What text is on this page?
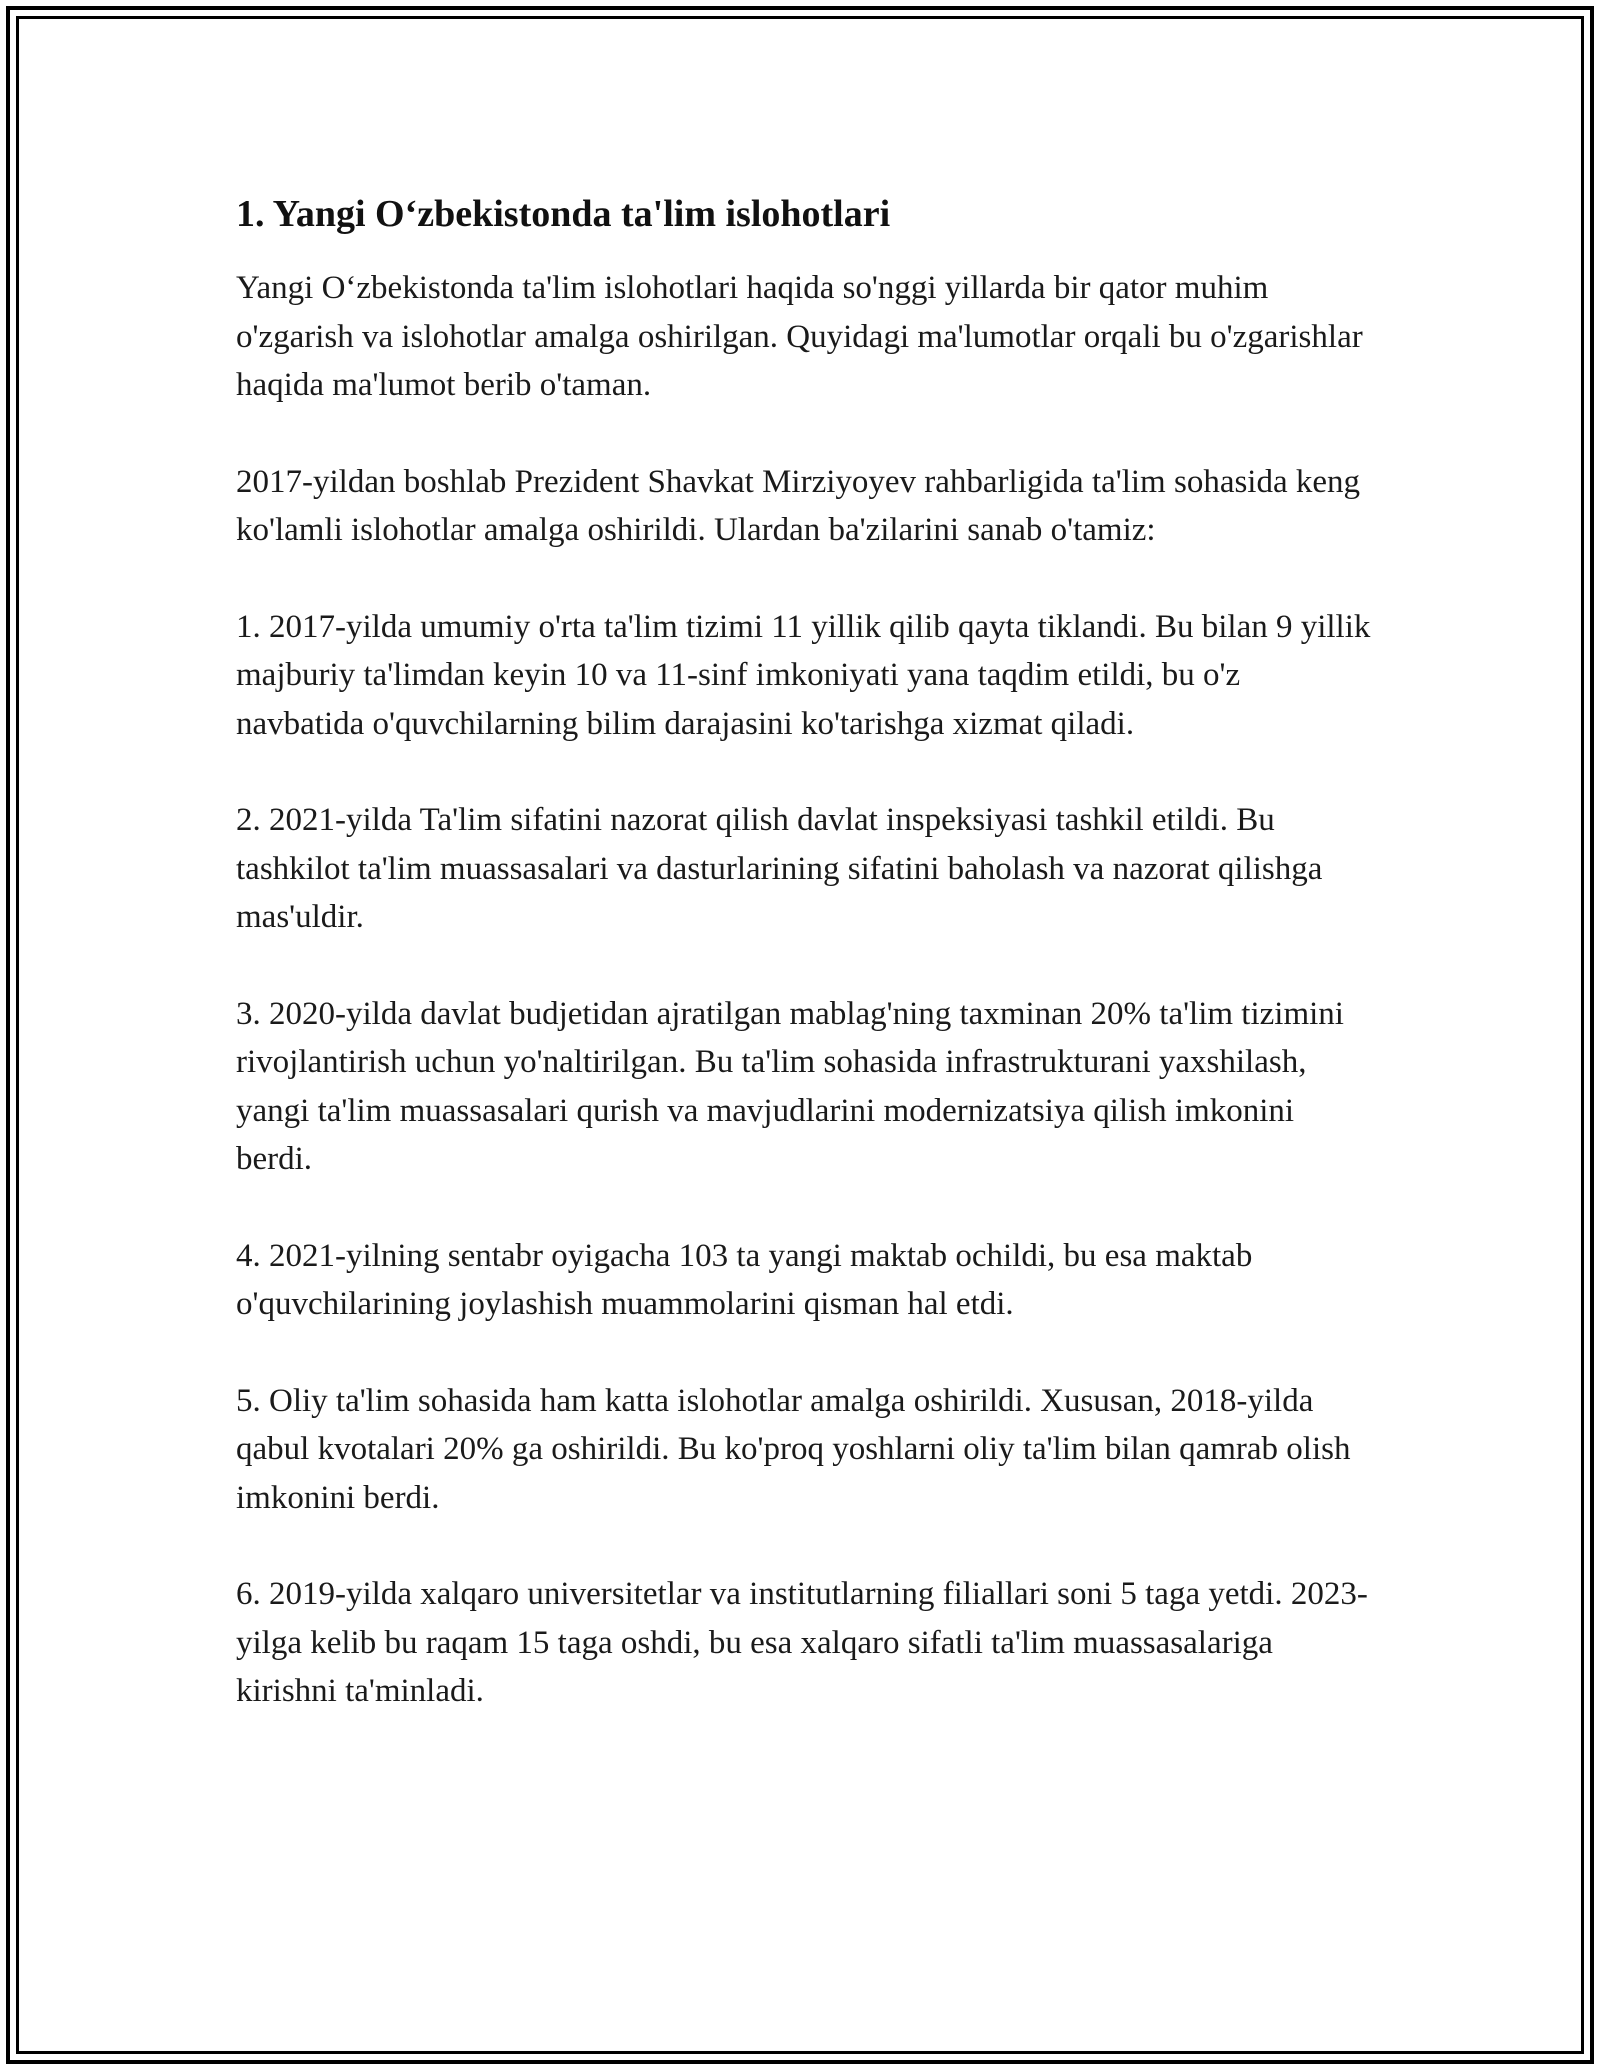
1. Yangi O‘zbekistonda ta'lim islohotlari

Yangi O‘zbekistonda ta'lim islohotlari haqida so'nggi yillarda bir qator muhim o'zgarish va islohotlar amalga oshirilgan. Quyidagi ma'lumotlar orqali bu o'zgarishlar haqida ma'lumot berib o'taman.

2017-yildan boshlab Prezident Shavkat Mirziyoyev rahbarligida ta'lim sohasida keng ko'lamli islohotlar amalga oshirildi. Ulardan ba'zilarini sanab o'tamiz:

1. 2017-yilda umumiy o'rta ta'lim tizimi 11 yillik qilib qayta tiklandi. Bu bilan 9 yillik majburiy ta'limdan keyin 10 va 11-sinf imkoniyati yana taqdim etildi, bu o'z navbatida o'quvchilarning bilim darajasini ko'tarishga xizmat qiladi.

2. 2021-yilda Ta'lim sifatini nazorat qilish davlat inspeksiyasi tashkil etildi. Bu tashkilot ta'lim muassasalari va dasturlarining sifatini baholash va nazorat qilishga mas'uldir.

3. 2020-yilda davlat budjetidan ajratilgan mablag'ning taxminan 20% ta'lim tizimini rivojlantirish uchun yo'naltirilgan. Bu ta'lim sohasida infrastrukturani yaxshilash, yangi ta'lim muassasalari qurish va mavjudlarini modernizatsiya qilish imkonini berdi.

4. 2021-yilning sentabr oyigacha 103 ta yangi maktab ochildi, bu esa maktab o'quvchilarining joylashish muammolarini qisman hal etdi.

5. Oliy ta'lim sohasida ham katta islohotlar amalga oshirildi. Xususan, 2018-yilda qabul kvotalari 20% ga oshirildi. Bu ko'proq yoshlarni oliy ta'lim bilan qamrab olish imkonini berdi.

6. 2019-yilda xalqaro universitetlar va institutlarning filiallari soni 5 taga yetdi. 2023-yilga kelib bu raqam 15 taga oshdi, bu esa xalqaro sifatli ta'lim muassasalariga kirishni ta'minladi.
